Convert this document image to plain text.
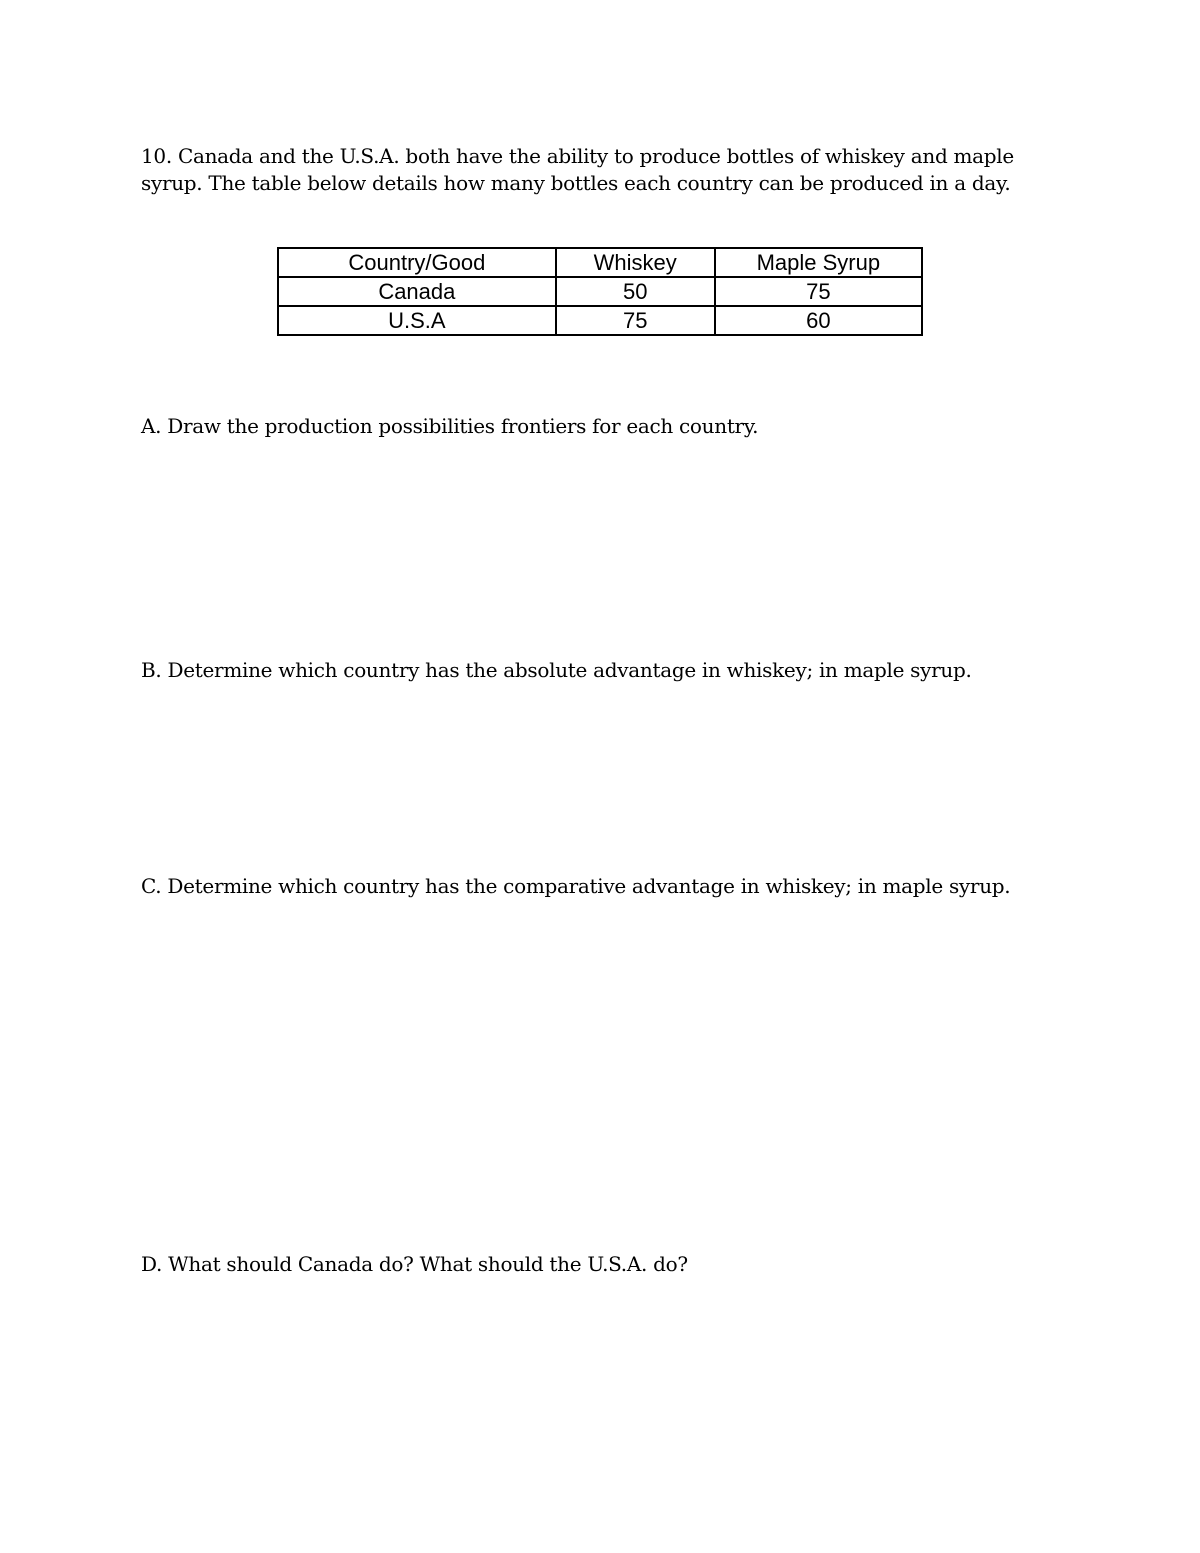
10. Canada and the U.S.A. both have the ability to produce bottles of whiskey and maple
syrup. The table below details how many bottles each country can be produced in a day.
Country/Good	Whiskey	Maple Syrup
Canada	50	75
U.S.A	75	60

A. Draw the production possibilities frontiers for each country.

B. Determine which country has the absolute advantage in whiskey; in maple syrup.

C. Determine which country has the comparative advantage in whiskey; in maple syrup.

D. What should Canada do? What should the U.S.A. do?
